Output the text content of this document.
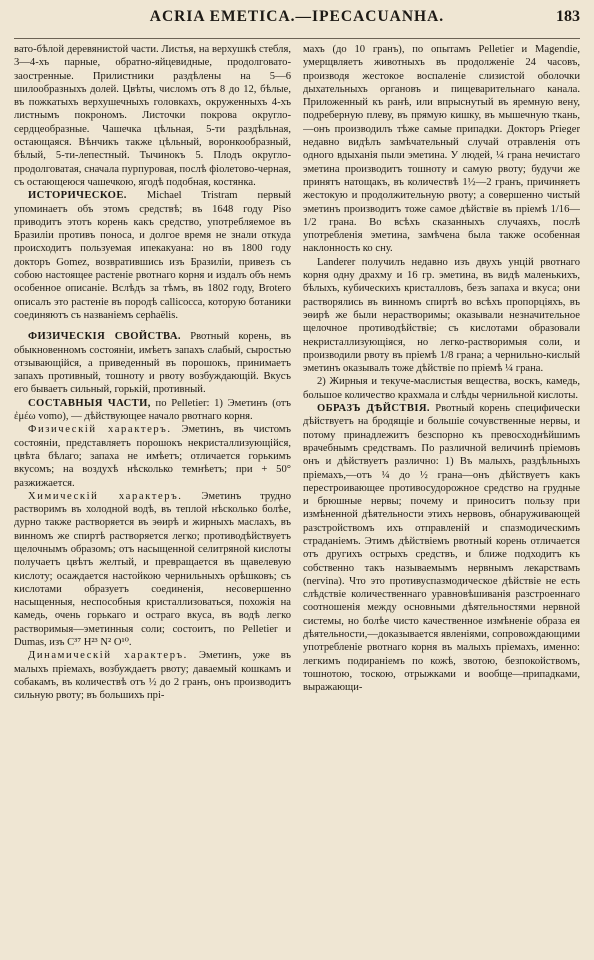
ACRIA EMETICA.—IPECACUANHA.	183

вато-бѣлой деревянистой части. Листья, на верхушкѣ стебля, 3—4-хъ парные, обратно-яйцевидные, продолговато-заостренные. Прилистники раздѣлены на 5—6 шилообразныхъ долей. Цвѣты, числомъ отъ 8 до 12, бѣлые, въ пожкатыхъ верхушечныхъ головкахъ, окруженныхъ 4-хъ листнымъ покрономъ. Листочки покрова округло-сердцеобразные. Чашечка цѣльная, 5-ти раздѣльная, остающаяся. Вѣнчикъ также цѣльный, воронкообразный, бѣлый, 5-ти-лепестный. Тычинокъ 5. Плодъ округло-продолговатая, сначала пурпуровая, послѣ фіолетово-черная, съ остающеюся чашечкою, ягодѣ подобная, костянка.

ИСТОРИЧЕСКОЕ. Michael Tristram первый упоминаетъ объ этомъ средствѣ; въ 1648 году Piso приводитъ этотъ корень какъ средство, употребляемое въ Бразиліи противъ поноса, и долгое время не знали откуда происходитъ пользуемая ипекакуана: но въ 1800 году докторъ Gomez, возвратившись изъ Бразиліи, привезъ съ собою настоящее растеніе рвотнаго корня и издалъ объ немъ особенное описаніе. Вслѣдъ за тѣмъ, въ 1802 году, Brotero описалъ это растеніе въ породѣ callicocca, которую ботаники соединяютъ съ названіемъ cephaëlis.

ФИЗИЧЕСКІЯ СВОЙСТВА. Рвотный корень, въ обыкновенномъ состояніи, имѣетъ запахъ слабый, сыростью отзывающійся, а приведенный въ порошокъ, принимаетъ запахъ противный, тошноту и рвоту возбуждающій. Вкусъ его бываетъ сильный, горькій, противный.

СОСТАВНЫЯ ЧАСТИ, по Pelletier: 1) Эметинъ (отъ ἐμέω vomo), — дѣйствующее начало рвотнаго корня.

Физическій характеръ. Эметинъ, въ чистомъ состояніи, представляетъ порошокъ некристаллизующійся, цвѣта бѣлаго; запаха не имѣетъ; отличается горькимъ вкусомъ; на воздухѣ нѣсколько темнѣетъ; при + 50° разжижается.

Химическій характеръ. Эметинъ трудно растворимъ въ холодной водѣ, въ теплой нѣсколько болѣе, дурно также растворяется въ эѳирѣ и жирныхъ маслахъ, въ винномъ же спиртѣ растворяется легко; противодѣйствуетъ щелочнымъ образомъ; отъ насыщенной селитряной кислоты получаетъ цвѣтъ желтый, и превращается въ щавелевую кислоту; осаждается настойкою чернильныхъ орѣшковъ; съ кислотами образуетъ соединенія, несовершенно насыщенныя, неспособныя кристаллизоваться, похожія на камедь, очень горькаго и остраго вкуса, въ водѣ легко растворимыя—эметинныя соли; состоитъ, по Pelletier и Dumas, изъ C³⁷ H²³ N² O¹⁰.

Динамическій характеръ. Эметинъ, уже въ малыхъ пріемахъ, возбуждаетъ рвоту; даваемый кошкамъ и собакамъ, въ количествѣ отъ ½ до 2 гранъ, онъ производитъ сильную рвоту; въ большихъ прі-

махъ (до 10 гранъ), по опытамъ Pelletier и Magendie, умерщвляетъ животныхъ въ продолженіе 24 часовъ, производя жестокое воспаленіе слизистой оболочки дыхательныхъ органовъ и пищеварительнаго канала. Приложенный къ ранѣ, или впрыснутый въ яремную вену, подреберную плеву, въ прямую кишку, въ мышечную ткань,—онъ производилъ тѣже самые припадки. Докторъ Prieger недавно видѣлъ замѣчательный случай отравленія отъ одного вдыханія пыли эметина. У людей, ¼ грана нечистаго эметина производитъ тошноту и самую рвоту; будучи же принятъ натощакъ, въ количествѣ 1½—2 гранъ, причиняетъ жестокую и продолжительную рвоту; а совершенно чистый эметинъ производитъ тоже самое дѣйствіе въ пріемѣ 1/16—1/2 грана. Во всѣхъ сказанныхъ случаяхъ, послѣ употребленія эметина, замѣчена была также особенная наклонность ко сну.

Landerer получилъ недавно изъ двухъ унцій рвотнаго корня одну драхму и 16 гр. эметина, въ видѣ маленькихъ, бѣлыхъ, кубическихъ кристалловъ, безъ запаха и вкуса; они растворялись въ винномъ спиртѣ во всѣхъ пропорціяхъ, въ эѳирѣ же были нерастворимы; оказывали незначительное щелочное противодѣйствіе; съ кислотами образовали некристаллизующіяся, но легко-растворимыя соли, и производили рвоту въ пріемѣ 1/8 грана; а чернильно-кислый эметинъ оказывалъ тоже дѣйствіе по пріемѣ ¼ грана.

2) Жирныя и текуче-маслистыя вещества, воскъ, камедь, большое количество крахмала и слѣды чернильной кислоты.

ОБРАЗЪ ДѢЙСТВІЯ. Рвотный корень специфически дѣйствуетъ на бродящіе и большіе сочувственные нервы, и потому принадлежитъ безспорно къ превосходнѣйшимъ врачебнымъ средствамъ. По различной величинѣ пріемовъ онъ и дѣйствуетъ различно: 1) Въ малыхъ, раздѣльныхъ пріемахъ,—отъ ¼ до ½ грана—онъ дѣйствуетъ какъ перестроивающее противосудорожное средство на грудные и брюшные нервы; почему и приноситъ пользу при измѣненной дѣятельности этихъ нервовъ, обнаруживающей разстройствомъ ихъ отправленій и спазмодическимъ страданіемъ. Этимъ дѣйствіемъ рвотный корень отличается отъ другихъ острыхъ средствъ, и ближе подходитъ къ собственно такъ называемымъ нервнымъ лекарствамъ (nervina). Что это противуспазмодическое дѣйствіе не есть слѣдствіе количественнаго уравновѣшиванія разстроеннаго соотношенія между основными дѣятельностями нервной системы, но болѣе чисто качественное измѣненіе образа ея дѣятельности,—доказывается явленіями, сопровождающими употребленіе рвотнаго корня въ малыхъ пріемахъ, именно: легкимъ подираніемъ по кожѣ, звотою, безпокойствомъ, тошнотою, тоскою, отрыжками и вообще—припадками, выражающи-
